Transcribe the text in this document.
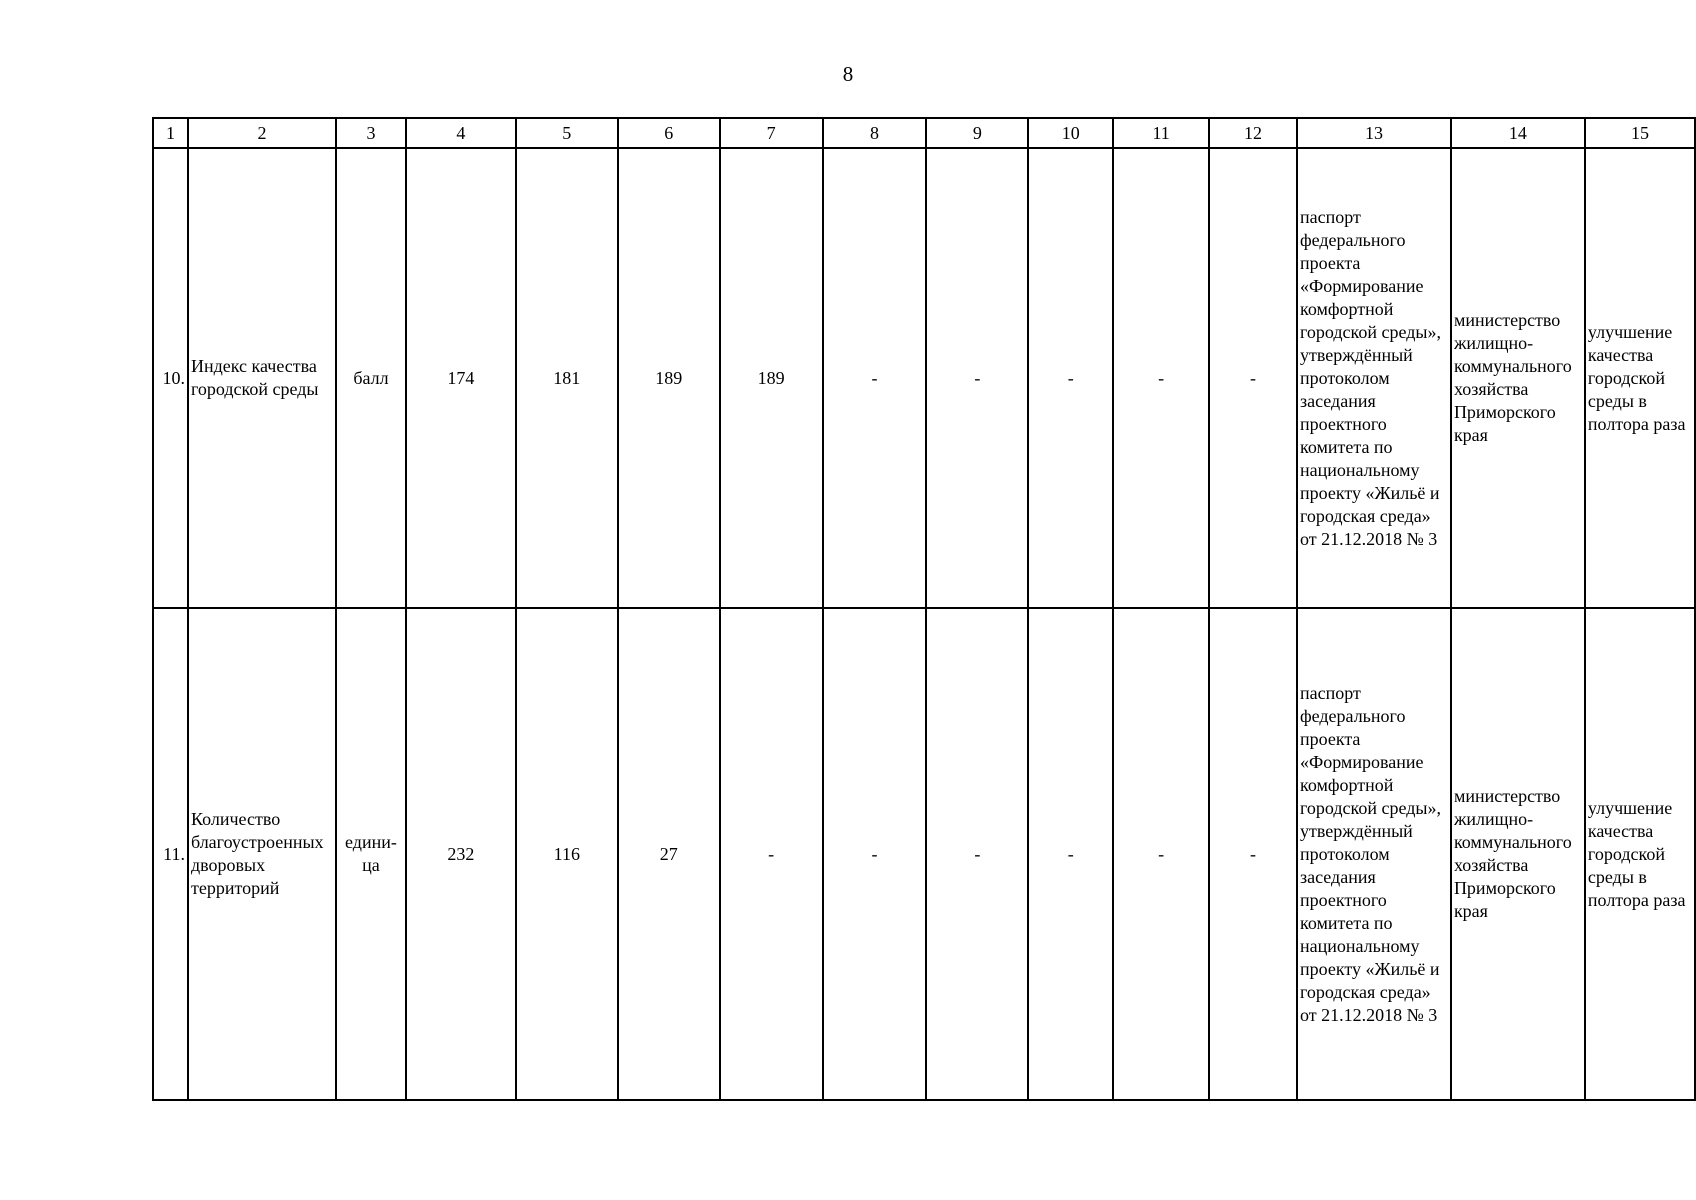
8
1	2	3	4	5	6	7	8	9	10	11	12	13	14	15
10.	Индекс качества городской среды	балл	174	181	189	189	-	-	-	-	-	паспорт федерального проекта «Формирование комфортной городской среды», утверждённый протоколом заседания проектного комитета по национальному проекту «Жильё и городская среда» от 21.12.2018 № 3	министерство жилищно-коммунального хозяйства Приморского края	улучшение качества городской среды в полтора раза
11.	Количество благоустроенных дворовых территорий	едини-ца	232	116	27	-	-	-	-	-	-	паспорт федерального проекта «Формирование комфортной городской среды», утверждённый протоколом заседания проектного комитета по национальному проекту «Жильё и городская среда» от 21.12.2018 № 3	министерство жилищно-коммунального хозяйства Приморского края	улучшение качества городской среды в полтора раза
